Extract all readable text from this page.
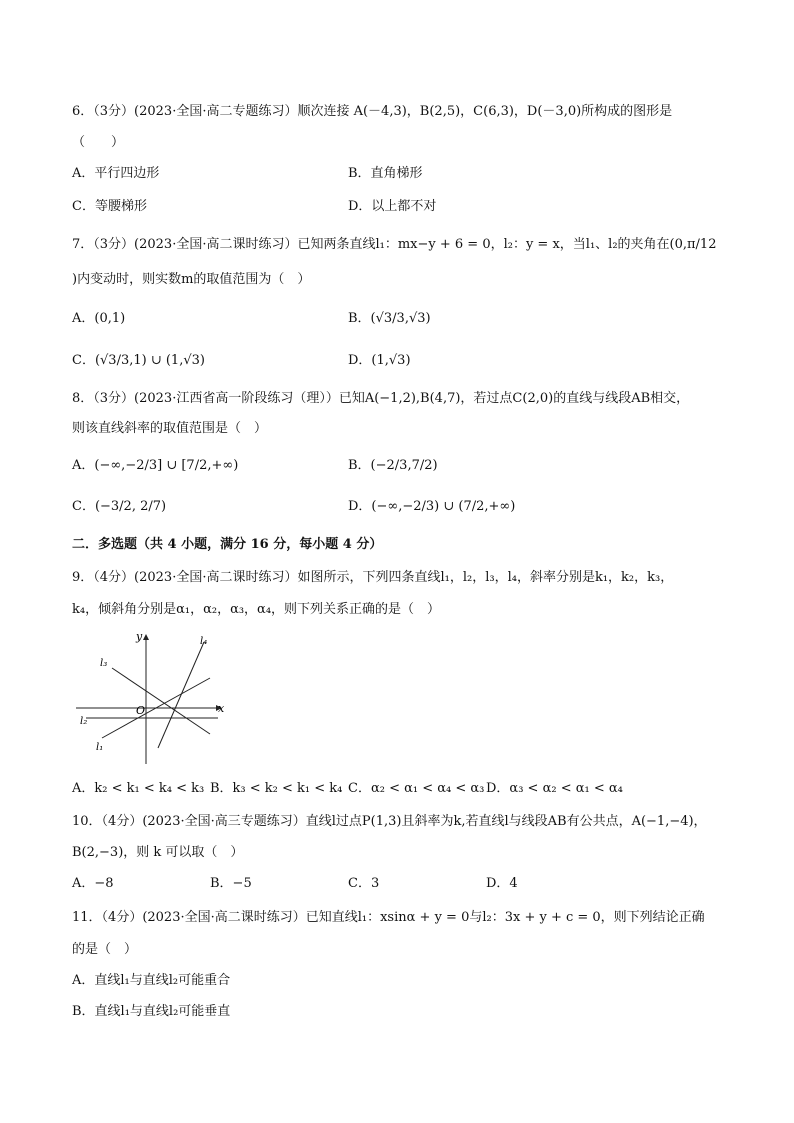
6．（3分）(2023·全国·高二专题练习）顺次连接 A(－4,3)，B(2,5)，C(6,3)，D(－3,0)所构成的图形是
（　　）
A．平行四边形	B．直角梯形
C．等腰梯形	D．以上都不对
7．（3分）(2023·全国·高二课时练习）已知两条直线l₁：mx−y + 6 = 0，l₂：y = x，当l₁、l₂的夹角在(0,π/12
)内变动时，则实数m的取值范围为（　）
A．(0,1)	B．(√3/3,√3)
C．(√3/3,1) ∪ (1,√3)	D．(1,√3)
8．（3分）(2023·江西省高一阶段练习（理））已知A(−1,2),B(4,7)，若过点C(2,0)的直线与线段AB相交，
则该直线斜率的取值范围是（　）
A．(−∞,−2/3] ∪ [7/2,+∞)	B．(−2/3,7/2)
C．(−3/2, 2/7)	D．(−∞,−2/3) ∪ (7/2,+∞)
二．多选题（共 4 小题，满分 16 分，每小题 4 分）
9．（4分）(2023·全国·高二课时练习）如图所示，下列四条直线l₁，l₂，l₃，l₄，斜率分别是k₁，k₂，k₃，
k₄，倾斜角分别是α₁，α₂，α₃，α₄，则下列关系正确的是（　）
y
x
O
l₃
l₄
l₂
l₁
A．k₂ < k₁ < k₄ < k₃ B．k₃ < k₂ < k₁ < k₄ C．α₂ < α₁ < α₄ < α₃ D．α₃ < α₂ < α₁ < α₄
10．（4分）(2023·全国·高三专题练习）直线l过点P(1,3)且斜率为k,若直线l与线段AB有公共点，A(−1,−4)，
B(2,−3)，则 k 可以取（　）
A．−8	B．−5	C．3	D．4
11．（4分）(2023·全国·高二课时练习）已知直线l₁：xsinα + y = 0与l₂：3x + y + c = 0，则下列结论正确
的是（　）
A．直线l₁与直线l₂可能重合
B．直线l₁与直线l₂可能垂直
